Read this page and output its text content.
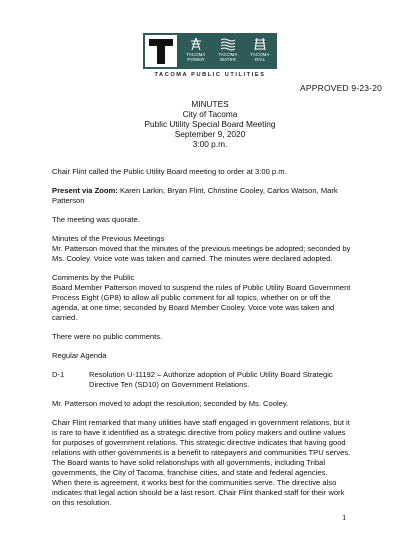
TACOMA
POWER
TACOMA
WATER
TACOMA
RAIL
TACOMA PUBLIC UTILITIES
APPROVED 9-23-20
MINUTES
City of Tacoma
Public Utility Special Board Meeting
September 9, 2020
3:00 p.m.
Chair Flint called the Public Utility Board meeting to order at 3:00 p.m.
Present via Zoom: Karen Larkin, Bryan Flint, Christine Cooley, Carlos Watson, Mark
Patterson
The meeting was quorate.
Minutes of the Previous Meetings
Mr. Patterson moved that the minutes of the previous meetings be adopted; seconded by
Ms. Cooley. Voice vote was taken and carried. The minutes were declared adopted.
Comments by the Public
Board Member Patterson moved to suspend the rules of Public Utility Board Government
Process Eight (GP8) to allow all public comment for all topics, whether on or off the
agenda, at one time; seconded by Board Member Cooley. Voice vote was taken and
carried.
There were no public comments.
Regular Agenda
D-1	Resolution U-11192 – Authorize adoption of Public Utility Board Strategic
Directive Ten (SD10) on Government Relations.
Mr. Patterson moved to adopt the resolution; seconded by Ms. Cooley.
Chair Flint remarked that many utilities have staff engaged in government relations, but it
is rare to have it identified as a strategic directive from policy makers and outline values
for purposes of government relations. This strategic directive indicates that having good
relations with other governments is a benefit to ratepayers and communities TPU serves.
The Board wants to have solid relationships with all governments, including Tribal
governments, the City of Tacoma, franchise cities, and state and federal agencies.
When there is agreement, it works best for the communities serve. The directive also
indicates that legal action should be a last resort. Chair Flint thanked staff for their work
on this resolution.
1
